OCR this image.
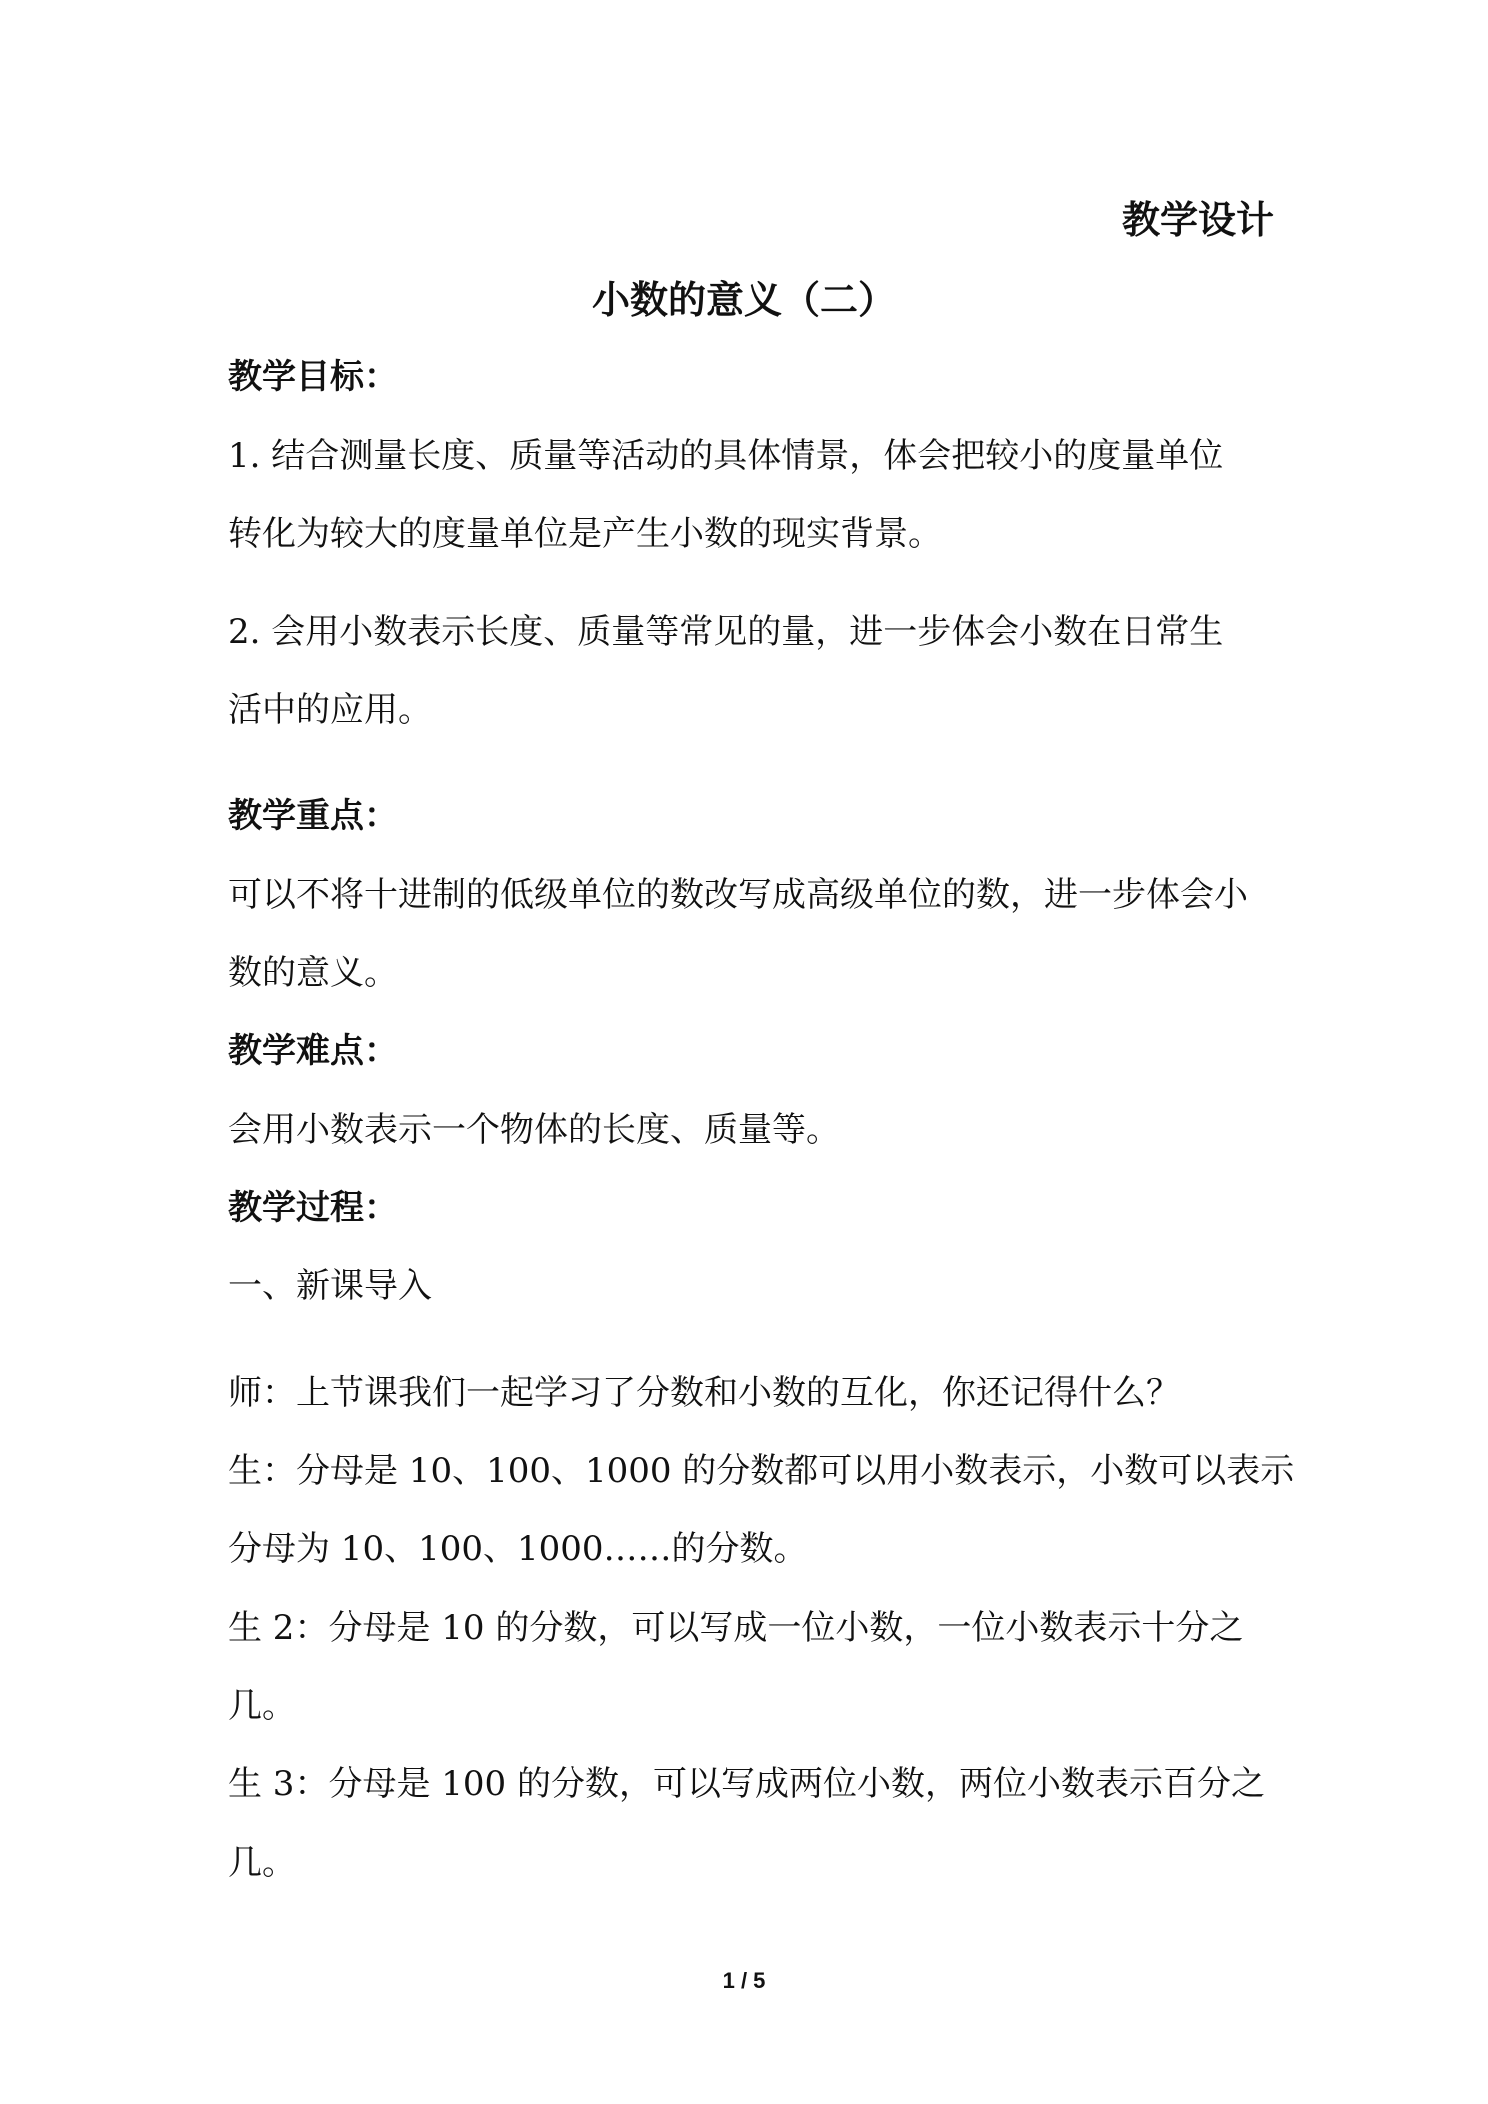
教学设计
小数的意义（二）
教学目标：
1. 结合测量长度、质量等活动的具体情景，体会把较小的度量单位
转化为较大的度量单位是产生小数的现实背景。
2. 会用小数表示长度、质量等常见的量，进一步体会小数在日常生
活中的应用。
教学重点：
可以不将十进制的低级单位的数改写成高级单位的数，进一步体会小
数的意义。
教学难点：
会用小数表示一个物体的长度、质量等。
教学过程：
一、新课导入
师：上节课我们一起学习了分数和小数的互化，你还记得什么？
生：分母是 10、100、1000 的分数都可以用小数表示，小数可以表示
分母为 10、100、1000……的分数。
生 2：分母是 10 的分数，可以写成一位小数，一位小数表示十分之
几。
生 3：分母是 100 的分数，可以写成两位小数，两位小数表示百分之
几。
1 / 5
